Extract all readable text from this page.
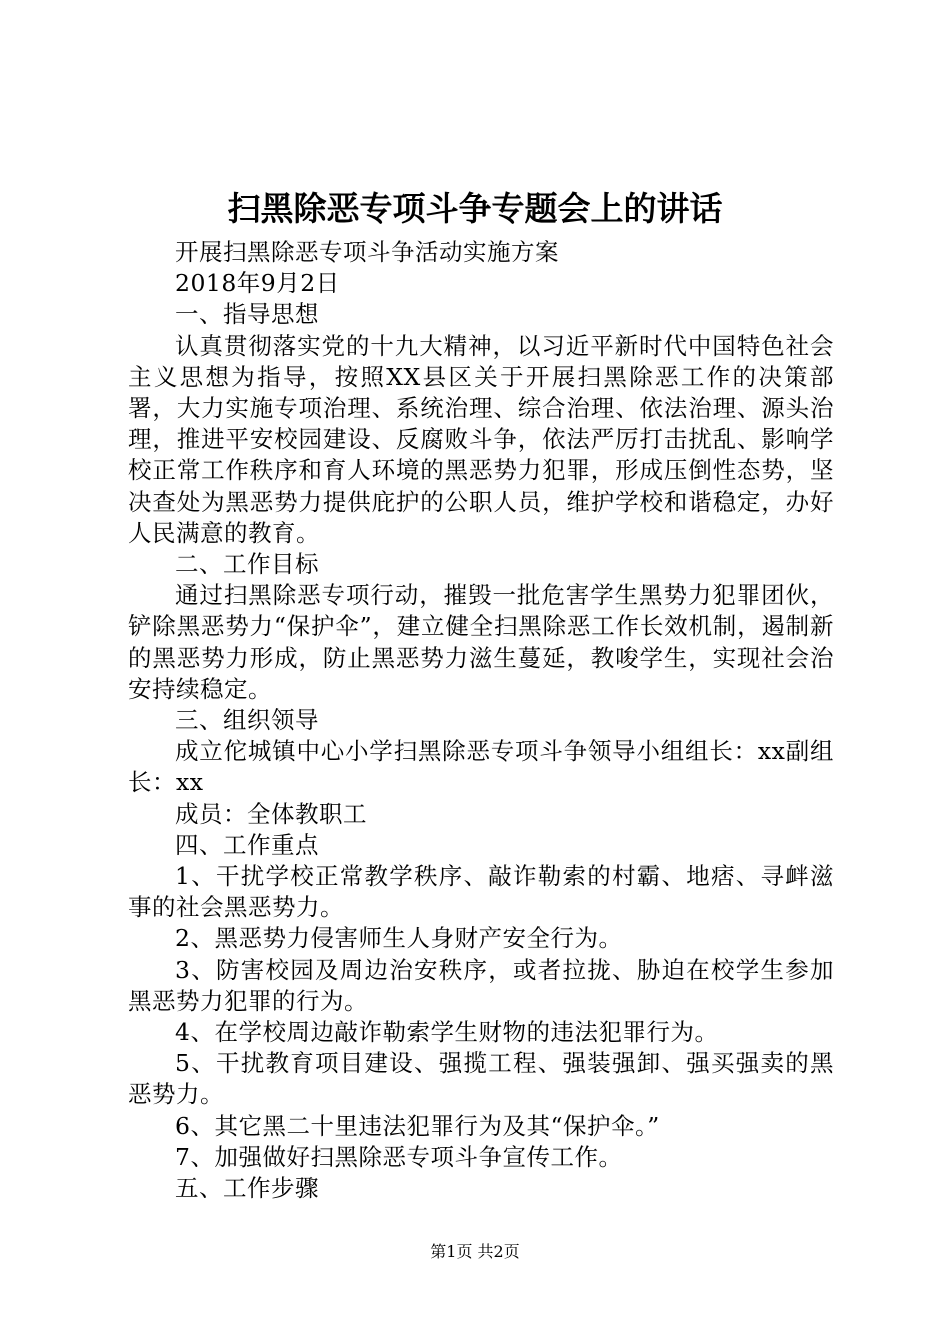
扫黑除恶专项斗争专题会上的讲话

开展扫黑除恶专项斗争活动实施方案

2018年9月2日

一、指导思想

认真贯彻落实党的十九大精神，以习近平新时代中国特色社会主义思想为指导，按照XX县区关于开展扫黑除恶工作的决策部署，大力实施专项治理、系统治理、综合治理、依法治理、源头治理，推进平安校园建设、反腐败斗争，依法严厉打击扰乱、影响学校正常工作秩序和育人环境的黑恶势力犯罪，形成压倒性态势，坚决查处为黑恶势力提供庇护的公职人员，维护学校和谐稳定，办好人民满意的教育。

二、工作目标

通过扫黑除恶专项行动，摧毁一批危害学生黑势力犯罪团伙，铲除黑恶势力“保护伞”，建立健全扫黑除恶工作长效机制，遏制新的黑恶势力形成，防止黑恶势力滋生蔓延，教唆学生，实现社会治安持续稳定。

三、组织领导

成立佗城镇中心小学扫黑除恶专项斗争领导小组组长：xx副组长：xx

成员：全体教职工

四、工作重点

1、干扰学校正常教学秩序、敲诈勒索的村霸、地痞、寻衅滋事的社会黑恶势力。

2、黑恶势力侵害师生人身财产安全行为。

3、防害校园及周边治安秩序，或者拉拢、胁迫在校学生参加黑恶势力犯罪的行为。

4、在学校周边敲诈勒索学生财物的违法犯罪行为。

5、干扰教育项目建设、强揽工程、强装强卸、强买强卖的黑恶势力。

6、其它黑二十里违法犯罪行为及其“保护伞。”

7、加强做好扫黑除恶专项斗争宣传工作。

五、工作步骤

第1页 共2页
